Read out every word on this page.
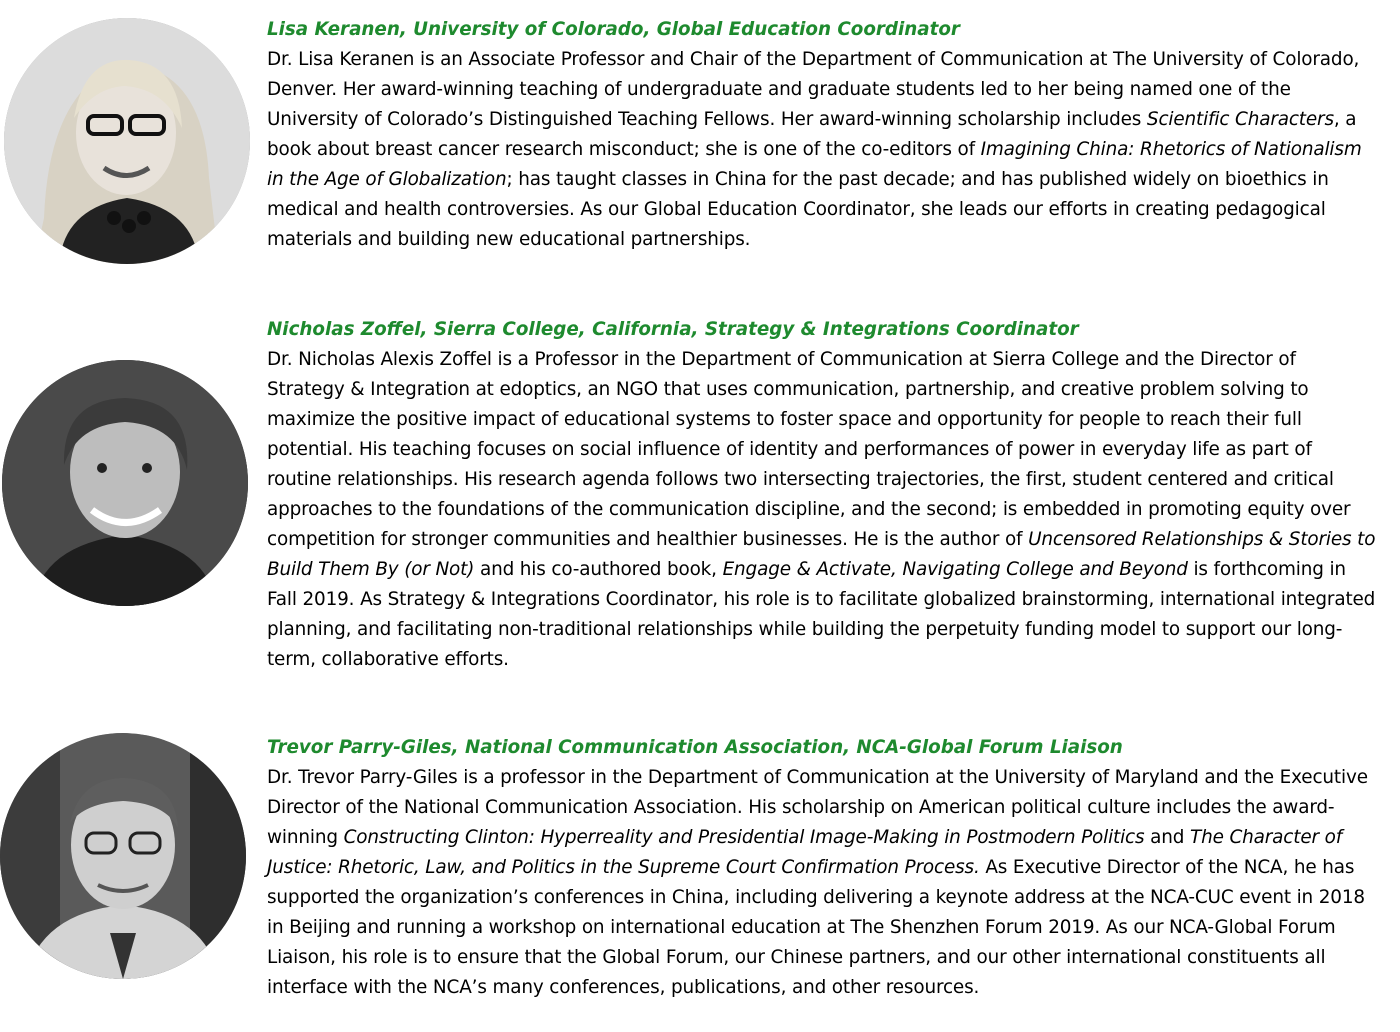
Lisa Keranen, University of Colorado, Global Education Coordinator

Dr. Lisa Keranen is an Associate Professor and Chair of the Department of Communication at The University of Colorado, Denver. Her award-winning teaching of undergraduate and graduate students led to her being named one of the University of Colorado’s Distinguished Teaching Fellows. Her award-winning scholarship includes Scientific Characters, a book about breast cancer research misconduct; she is one of the co-editors of Imagining China: Rhetorics of Nationalism in the Age of Globalization; has taught classes in China for the past decade; and has published widely on bioethics in medical and health controversies. As our Global Education Coordinator, she leads our efforts in creating pedagogical materials and building new educational partnerships.

Nicholas Zoffel, Sierra College, California, Strategy & Integrations Coordinator

Dr. Nicholas Alexis Zoffel is a Professor in the Department of Communication at Sierra College and the Director of Strategy & Integration at edoptics, an NGO that uses communication, partnership, and creative problem solving to maximize the positive impact of educational systems to foster space and opportunity for people to reach their full potential. His teaching focuses on social influence of identity and performances of power in everyday life as part of routine relationships. His research agenda follows two intersecting trajectories, the first, student centered and critical approaches to the foundations of the communication discipline, and the second; is embedded in promoting equity over competition for stronger communities and healthier businesses. He is the author of Uncensored Relationships & Stories to Build Them By (or Not) and his co-authored book, Engage & Activate, Navigating College and Beyond is forthcoming in Fall 2019. As Strategy & Integrations Coordinator, his role is to facilitate globalized brainstorming, international integrated planning, and facilitating non-traditional relationships while building the perpetuity funding model to support our long-term, collaborative efforts.

Trevor Parry-Giles, National Communication Association, NCA-Global Forum Liaison

Dr. Trevor Parry-Giles is a professor in the Department of Communication at the University of Maryland and the Executive Director of the National Communication Association. His scholarship on American political culture includes the award-winning Constructing Clinton: Hyperreality and Presidential Image-Making in Postmodern Politics and The Character of Justice: Rhetoric, Law, and Politics in the Supreme Court Confirmation Process. As Executive Director of the NCA, he has supported the organization’s conferences in China, including delivering a keynote address at the NCA-CUC event in 2018 in Beijing and running a workshop on international education at The Shenzhen Forum 2019. As our NCA-Global Forum Liaison, his role is to ensure that the Global Forum, our Chinese partners, and our other international constituents all interface with the NCA’s many conferences, publications, and other resources.
